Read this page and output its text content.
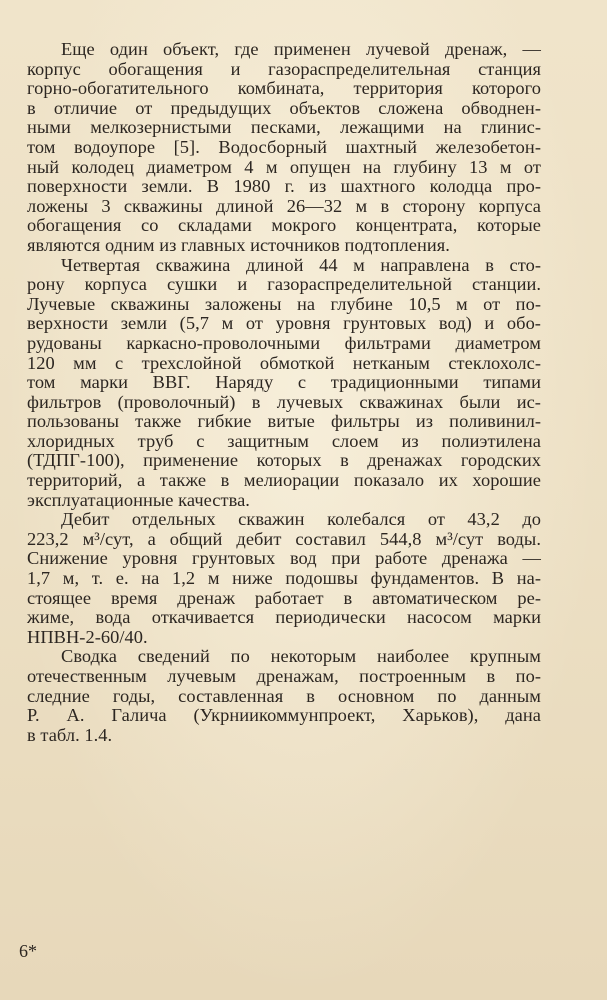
Еще один объект, где применен лучевой дренаж, —
корпус обогащения и газораспределительная станция
горно-обогатительного комбината, территория которого
в отличие от предыдущих объектов сложена обводнен-
ными мелкозернистыми песками, лежащими на глинис-
том водоупоре [5]. Водосборный шахтный железобетон-
ный колодец диаметром 4 м опущен на глубину 13 м от
поверхности земли. В 1980 г. из шахтного колодца про-
ложены 3 скважины длиной 26—32 м в сторону корпуса
обогащения со складами мокрого концентрата, которые
являются одним из главных источников подтопления.
Четвертая скважина длиной 44 м направлена в сто-
рону корпуса сушки и газораспределительной станции.
Лучевые скважины заложены на глубине 10,5 м от по-
верхности земли (5,7 м от уровня грунтовых вод) и обо-
рудованы каркасно-проволочными фильтрами диаметром
120 мм с трехслойной обмоткой нетканым стеклохолс-
том марки ВВГ. Наряду с традиционными типами
фильтров (проволочный) в лучевых скважинах были ис-
пользованы также гибкие витые фильтры из поливинил-
хлоридных труб с защитным слоем из полиэтилена
(ТДПГ-100), применение которых в дренажах городских
территорий, а также в мелиорации показало их хорошие
эксплуатационные качества.
Дебит отдельных скважин колебался от 43,2 до
223,2 м³/сут, а общий дебит составил 544,8 м³/сут воды.
Снижение уровня грунтовых вод при работе дренажа —
1,7 м, т. е. на 1,2 м ниже подошвы фундаментов. В на-
стоящее время дренаж работает в автоматическом ре-
жиме, вода откачивается периодически насосом марки
НПВН-2-60/40.
Сводка сведений по некоторым наиболее крупным
отечественным лучевым дренажам, построенным в по-
следние годы, составленная в основном по данным
Р. А. Галича (Укрниикоммунпроект, Харьков), дана
в табл. 1.4.
6*
